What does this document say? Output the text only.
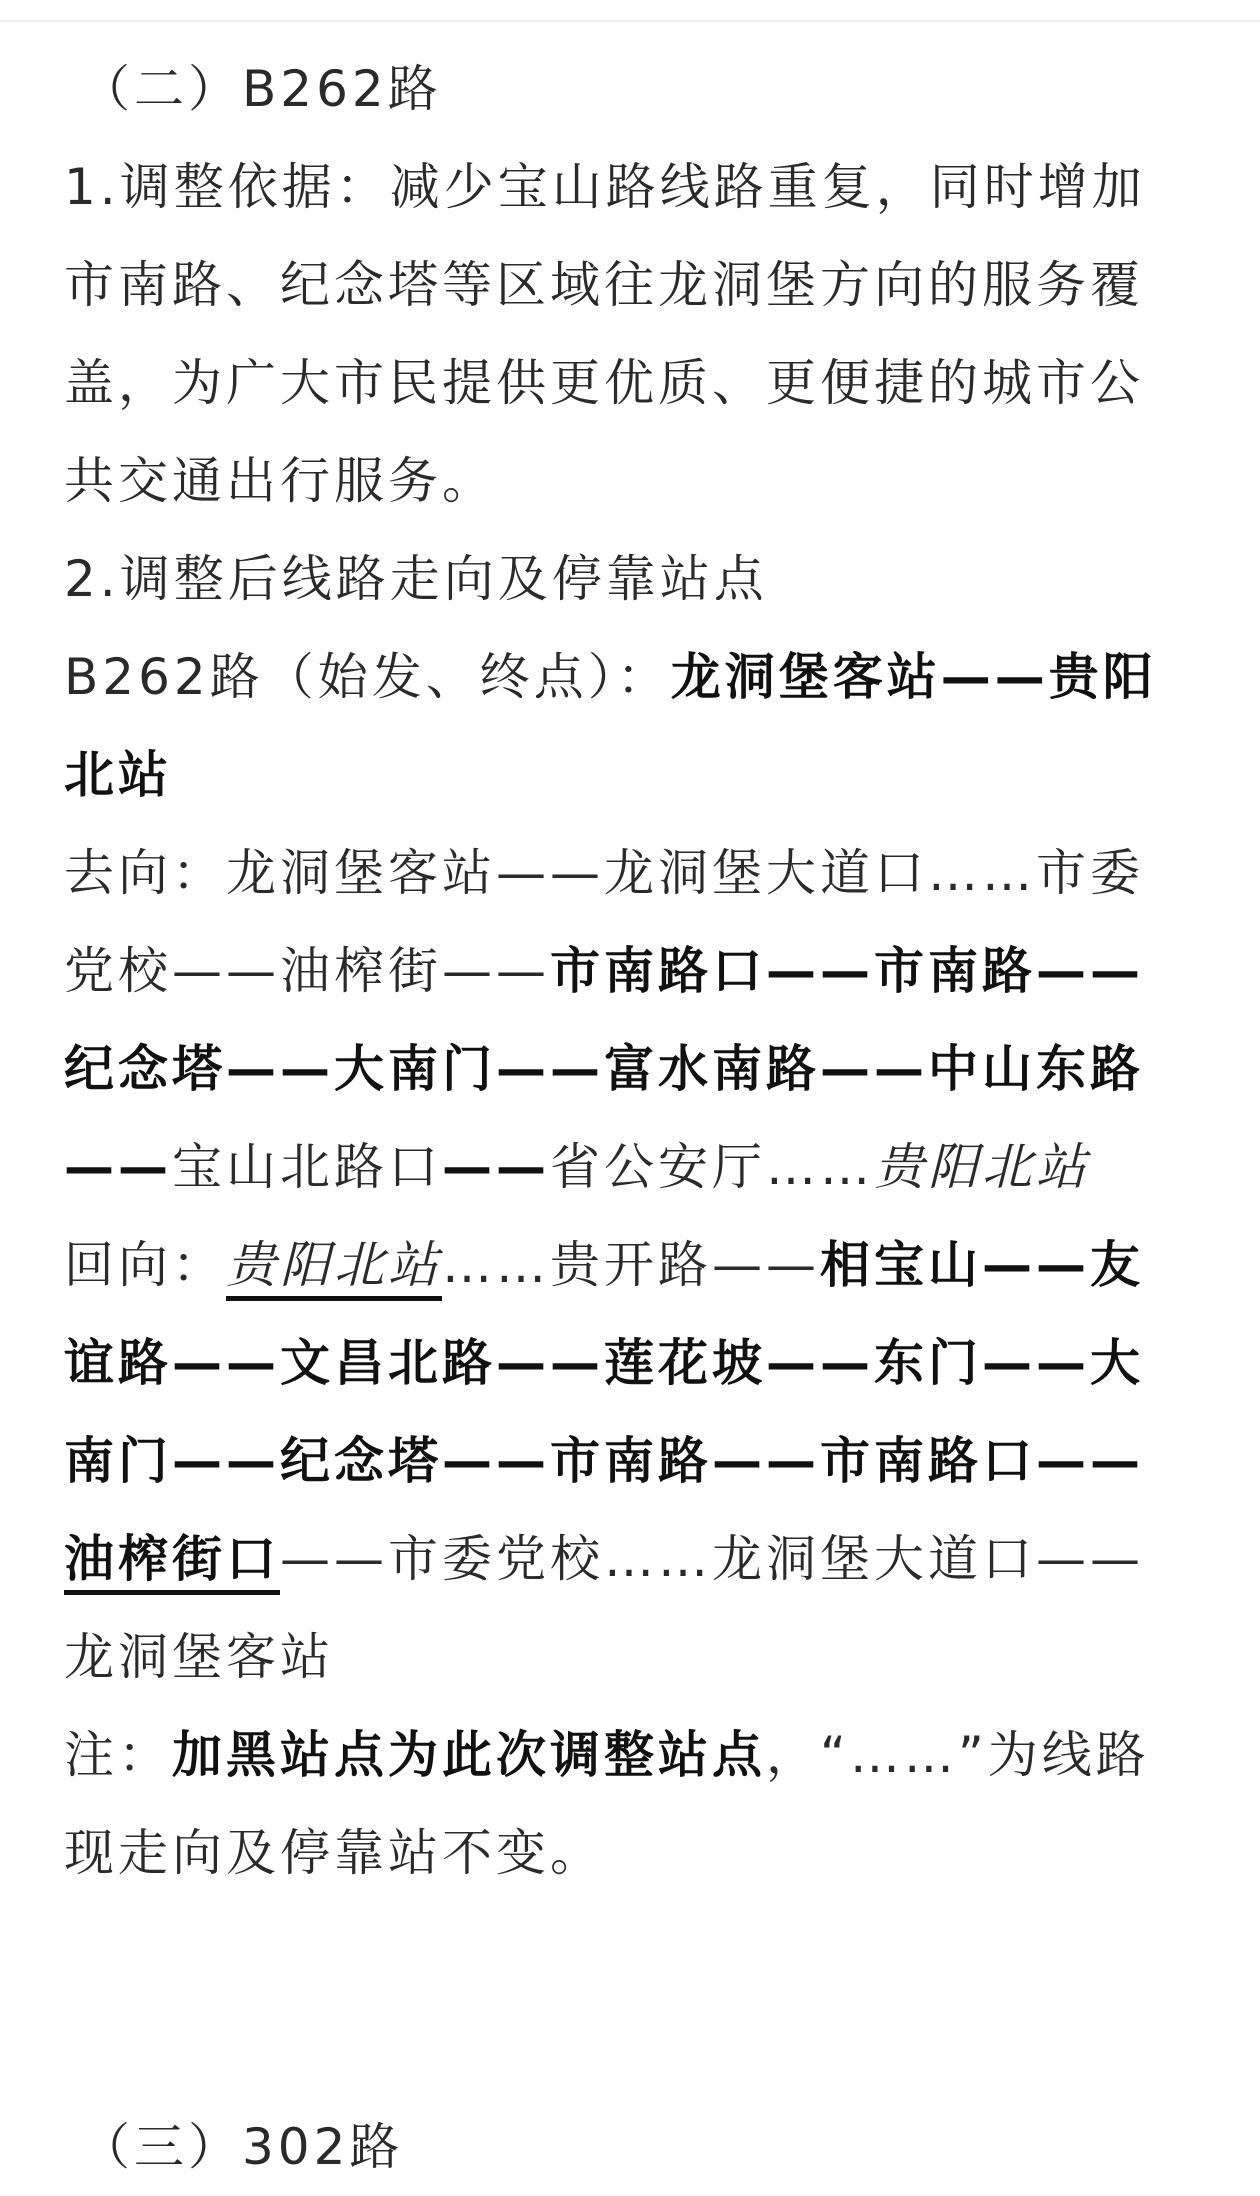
（二）B262路
1.调整依据：减少宝山路线路重复，同时增加
市南路、纪念塔等区域往龙洞堡方向的服务覆
盖，为广大市民提供更优质、更便捷的城市公
共交通出行服务。
2.调整后线路走向及停靠站点
B262路（始发、终点）：龙洞堡客站——贵阳
北站
去向：龙洞堡客站——龙洞堡大道口……市委
党校——油榨街——市南路口——市南路——
纪念塔——大南门——富水南路——中山东路
——宝山北路口——省公安厅……贵阳北站
回向：贵阳北站……贵开路——相宝山——友
谊路——文昌北路——莲花坡——东门——大
南门——纪念塔——市南路——市南路口——
油榨街口——市委党校……龙洞堡大道口——
龙洞堡客站
注：加黑站点为此次调整站点，“……”为线路
现走向及停靠站不变。
（三）302路
